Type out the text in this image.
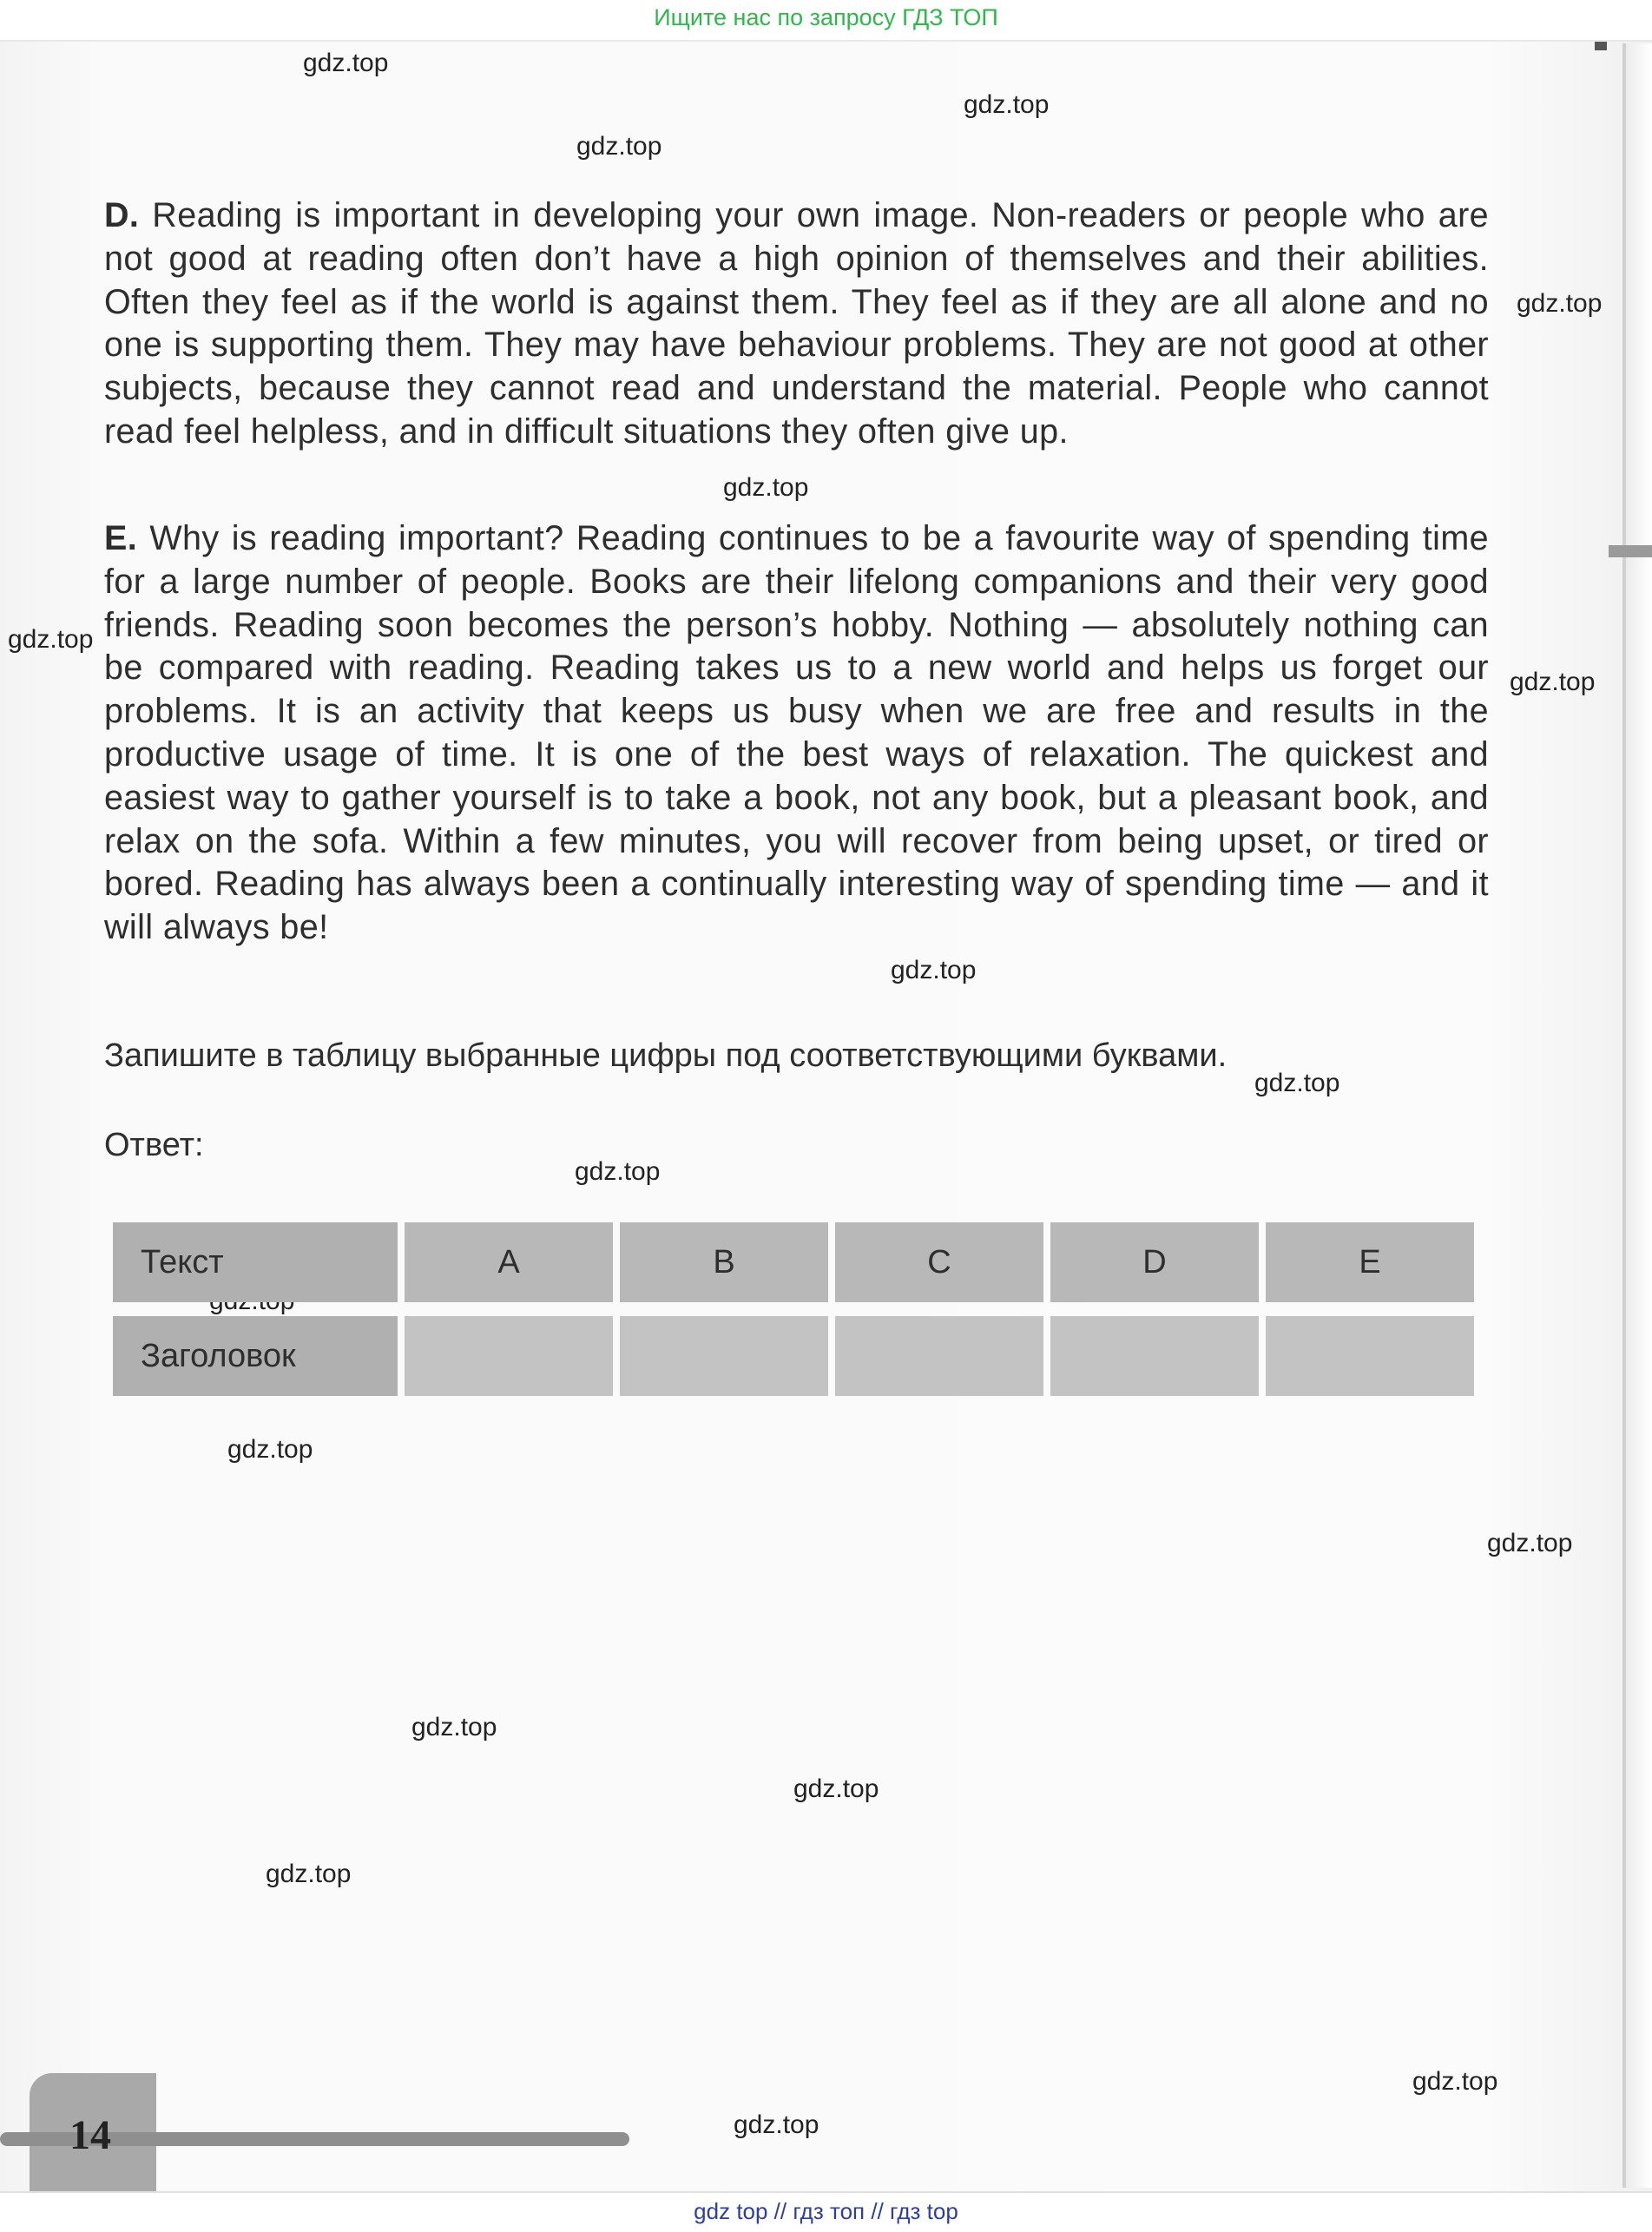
Ищите нас по запросу ГДЗ ТОП
gdz.top
gdz.top
gdz.top
gdz.top
gdz.top
gdz.top
gdz.top
gdz.top
gdz.top
gdz.top
gdz.top
gdz.top
gdz.top
gdz.top
gdz.top
gdz.top
D. Reading is important in developing your own image. Non-readers or people who are not good at reading often don’t have a high opinion of themselves and their abilities. Often they feel as if the world is against them. They feel as if they are all alone and no one is supporting them. They may have behaviour problems. They are not good at other subjects, because they cannot read and understand the material. People who cannot read feel helpless, and in difficult situations they often give up.
E. Why is reading important? Reading continues to be a favourite way of spending time for a large number of people. Books are their lifelong companions and their very good friends. Reading soon becomes the person’s hobby. Nothing — absolutely nothing can be compared with reading. Reading takes us to a new world and helps us forget our problems. It is an activity that keeps us busy when we are free and results in the productive usage of time. It is one of the best ways of relaxation. The quickest and easiest way to gather yourself is to take a book, not any book, but a pleasant book, and relax on the sofa. Within a few minutes, you will recover from being upset, or tired or bored. Reading has always been a continually interesting way of spending time — and it will always be!
Запишите в таблицу выбранные цифры под соответствующими буквами.
Ответ:
Текст	A	B	C	D	E
Заголовок
14	gdz.top
gdz top // гдз топ // гдз top
